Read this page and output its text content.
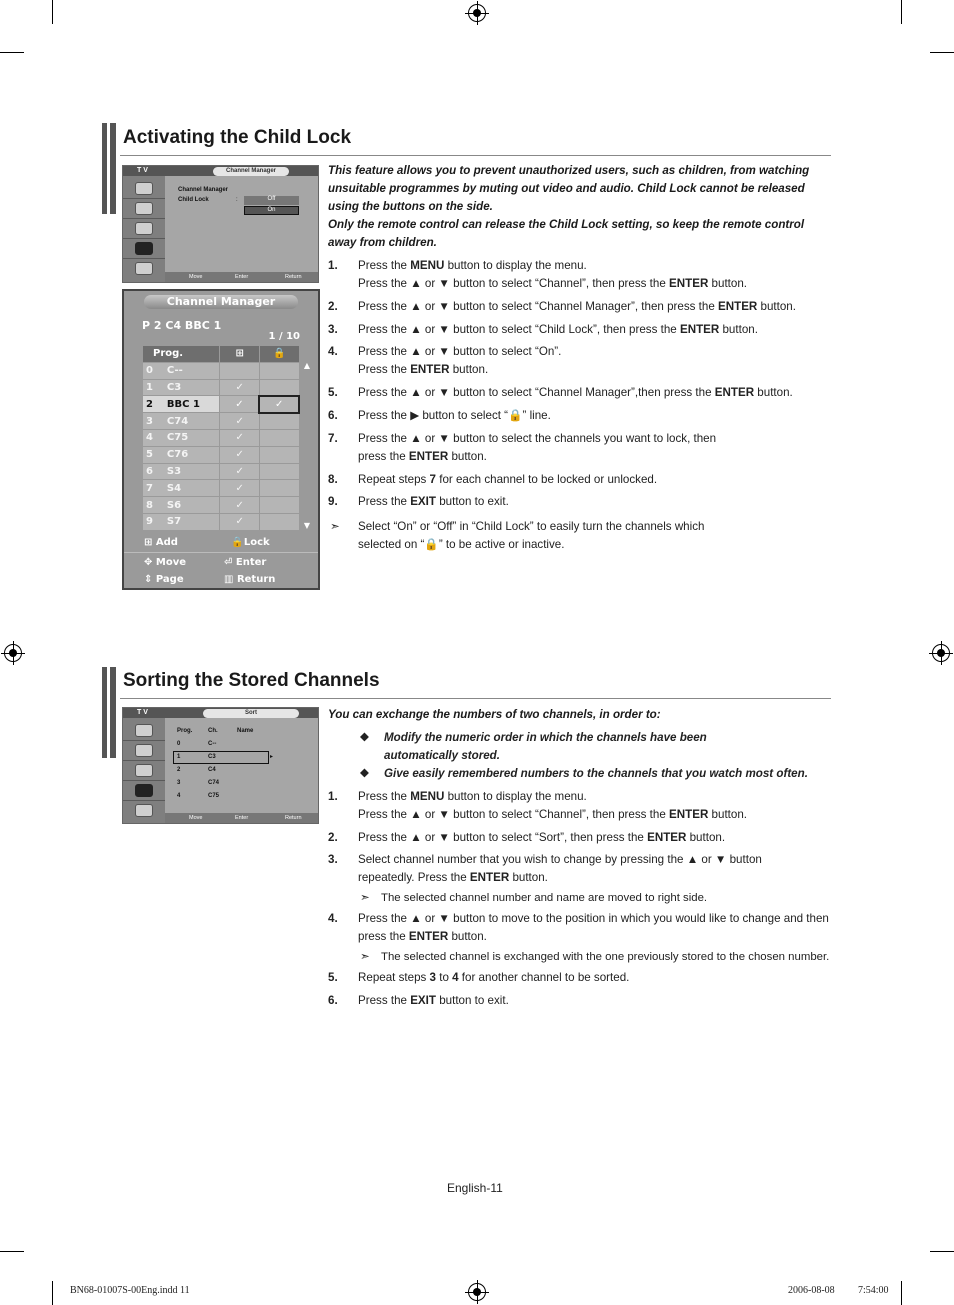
Activating the Child Lock
T V	Channel Manager
Channel Manager
Child Lock	:	Off
On
Move	Enter	Return
Channel Manager
P 2 C4 BBC 1
1 / 10
Prog.	⊞	🔒
0 C--		
1 C3	✓	
2 BBC 1	✓	✓
3 C74	✓	
4 C75	✓	
5 C76	✓	
6 S3	✓	
7 S4	✓	
8 S6	✓	
9 S7	✓	
▲
▼
⊞ Add	🔒Lock
✥ Move	⏎ Enter
⇕ Page	▥ Return
This feature allows you to prevent unauthorized users, such as children, from watching unsuitable programmes by muting out video and audio. Child Lock cannot be released using the buttons on the side.
Only the remote control can release the Child Lock setting, so keep the remote control away from children.
1. Press the MENU button to display the menu.
Press the ▲ or ▼ button to select “Channel”, then press the ENTER button.
2. Press the ▲ or ▼ button to select “Channel Manager”, then press the ENTER button.
3. Press the ▲ or ▼ button to select “Child Lock”, then press the ENTER button.
4. Press the ▲ or ▼ button to select “On”.
Press the ENTER button.
5. Press the ▲ or ▼ button to select “Channel Manager”,then press the ENTER button.
6. Press the ▶ button to select “🔒” line.
7. Press the ▲ or ▼ button to select the channels you want to lock, then
press the ENTER button.
8. Repeat steps 7 for each channel to be locked or unlocked.
9. Press the EXIT button to exit.
➣ Select “On” or “Off” in “Child Lock” to easily turn the channels which
selected on “🔒” to be active or inactive.
Sorting the Stored Channels
T V	Sort
Prog.	Ch.	Name
0	C--
▸
1	C3
2	C4
3	C74
4	C75
Move	Enter	Return
You can exchange the numbers of two channels, in order to:
◆ Modify the numeric order in which the channels have been
automatically stored.
◆ Give easily remembered numbers to the channels that you watch most often.
1. Press the MENU button to display the menu.
Press the ▲ or ▼ button to select “Channel”, then press the ENTER button.
2. Press the ▲ or ▼ button to select “Sort”, then press the ENTER button.
3. Select channel number that you wish to change by pressing the ▲ or ▼ button
repeatedly. Press the ENTER button.
➣ The selected channel number and name are moved to right side.
4. Press the ▲ or ▼ button to move to the position in which you would like to change and then
press the ENTER button.
➣ The selected channel is exchanged with the one previously stored to the chosen number.
5. Repeat steps 3 to 4 for another channel to be sorted.
6. Press the EXIT button to exit.
English-11
BN68-01007S-00Eng.indd 11	2006-08-08 7:54:00
